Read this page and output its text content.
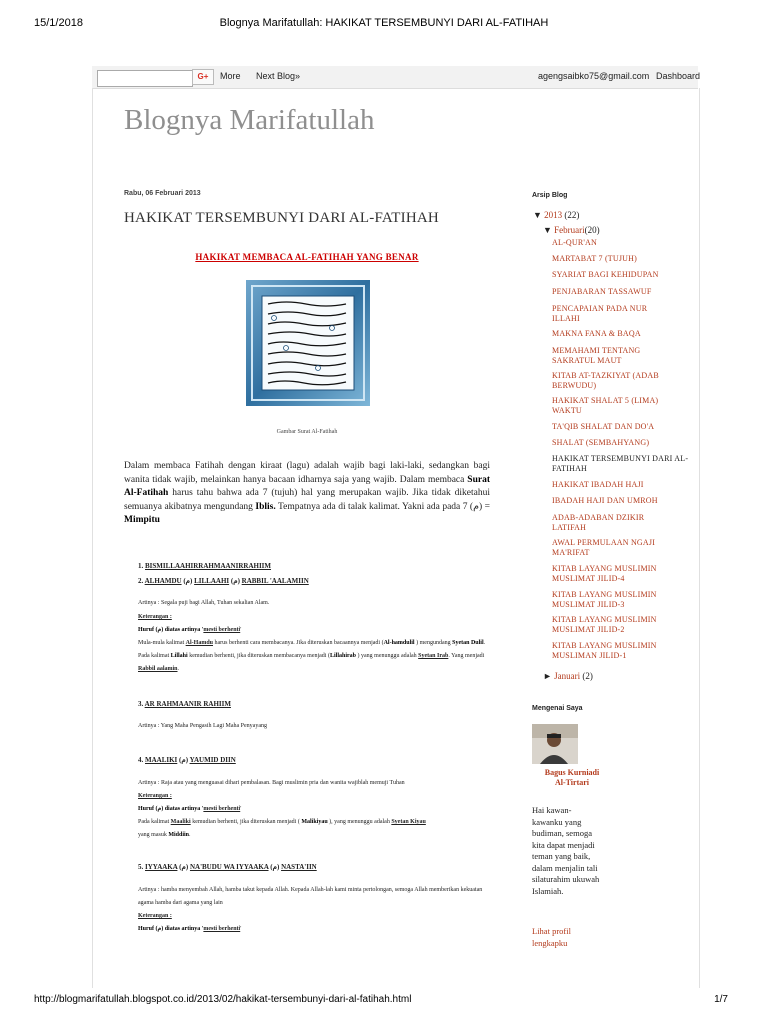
15/1/2018	Blognya Marifatullah: HAKIKAT TERSEMBUNYI DARI AL-FATIHAH
G+	More Next Blog»	agengsaibko75@gmail.com Dashboard
Blognya Marifatullah
Rabu, 06 Februari 2013
HAKIKAT TERSEMBUNYI DARI AL-FATIHAH
HAKIKAT MEMBACA AL-FATIHAH YANG BENAR
Gambar Surat Al-Fatihah
Dalam membaca Fatihah dengan kiraat (lagu) adalah wajib bagi laki-laki, sedangkan bagi wanita tidak wajib, melainkan hanya bacaan idharnya saja yang wajib. Dalam membaca Surat Al-Fatihah harus tahu bahwa ada 7 (tujuh) hal yang merupakan wajib. Jika tidak diketahui semuanya akibatnya mengundang Iblis. Tempatnya ada di talak kalimat. Yakni ada pada 7 (م) = Mimpitu
1. BISMILLAAHIRRAHMAANIRRAHIIM
2. ALHAMDU (م) LILLAAHI (م) RABBIL 'AALAMIIN
Artinya : Segala puji bagi Allah, Tuhan sekalian Alam.
Keterangan :
Huruf (م) diatas artinya 'mesti berhenti'
Mula-mula kalimat Al-Hamdu harus berhenti cara membacanya. Jika diteruskan bacaannya menjadi (Al-hamdulil ) mengundang Syetan Dulil. Pada kalimat Lillahi kemudian berhenti, jika diteruskan membacanya menjadi (Lillahirab ) yang menunggu adalah Syetan Irab. Yang menjadi Rabbil aalamin.
3. AR RAHMAANIR RAHIIM
Artinya : Yang Maha Pengasih Lagi Maha Penyayang
4. MAALIKI (م) YAUMID DIIN
Artinya : Raja atau yang menguasai dihari pembalasan. Bagi muslimin pria dan wanita wajiblah memuji Tuhan
Keterangan :
Huruf (م) diatas artinya 'mesti berhenti'
Pada kalimat Maaliki kemudian berhenti, jika diteruskan menjadi ( Malikiyau ), yang menunggu adalah Syetan Kiyau
yang masuk Middiin.
5. IYYAAKA (م) NA'BUDU WA IYYAAKA (م) NASTA'IIN
Artinya : hamba menyembah Allah, hamba takut kepada Allah. Kepada Allah-lah kami minta pertolongan, semoga Allah memberikan kekuatan agama hamba dari agama yang lain
Keterangan :
Huruf (م) diatas artinya 'mesti berhenti'
Arsip Blog
▼ 2013 (22)
▼ Februari(20)
AL-QUR'AN
MARTABAT 7 (TUJUH)
SYARIAT BAGI KEHIDUPAN
PENJABARAN TASSAWUF
PENCAPAIAN PADA NUR ILLAHI
MAKNA FANA & BAQA
MEMAHAMI TENTANG SAKRATUL MAUT
KITAB AT-TAZKIYAT (ADAB BERWUDU)
HAKIKAT SHALAT 5 (LIMA) WAKTU
TA'QIB SHALAT DAN DO'A
SHALAT (SEMBAHYANG)
HAKIKAT TERSEMBUNYI DARI AL-FATIHAH
HAKIKAT IBADAH HAJI
IBADAH HAJI DAN UMROH
ADAB-ADABAN DZIKIR LATIFAH
AWAL PERMULAAN NGAJI MA'RIFAT
KITAB LAYANG MUSLIMIN MUSLIMAT JILID-4
KITAB LAYANG MUSLIMIN MUSLIMAT JILID-3
KITAB LAYANG MUSLIMIN MUSLIMAT JILID-2
KITAB LAYANG MUSLIMIN MUSLIMAN JILID-1
► Januari (2)
Mengenai Saya
Bagus Kurniadi Al-Tirtari
Hai kawan-kawanku yang budiman, semoga kita dapat menjadi teman yang baik, dalam menjalin tali silaturahim ukuwah Islamiah.
Lihat profil lengkapku
http://blogmarifatullah.blogspot.co.id/2013/02/hakikat-tersembunyi-dari-al-fatihah.html	1/7
